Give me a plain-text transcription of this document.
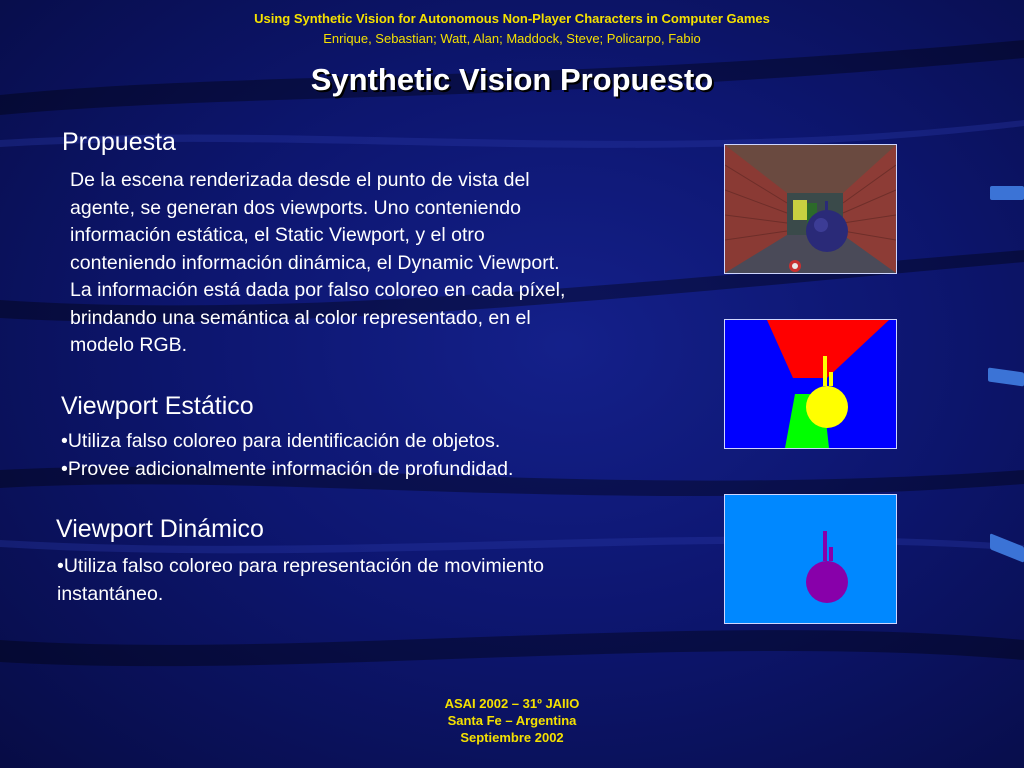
Using Synthetic Vision for Autonomous Non-Player Characters in Computer Games
Enrique, Sebastian; Watt, Alan; Maddock, Steve; Policarpo, Fabio
Synthetic Vision Propuesto
Propuesta
De la escena renderizada desde el punto de vista del
agente, se generan dos viewports. Uno conteniendo
información estática, el Static Viewport, y el otro
conteniendo información dinámica, el Dynamic Viewport.
La información está dada por falso coloreo en cada píxel,
brindando una semántica al color representado, en el
modelo RGB.
Viewport Estático
•Utiliza falso coloreo para identificación de objetos.
•Provee adicionalmente información de profundidad.
Viewport Dinámico
•Utiliza falso coloreo para representación de movimiento
instantáneo.
ASAI 2002 – 31º JAIIO
Santa Fe – Argentina
Septiembre 2002
